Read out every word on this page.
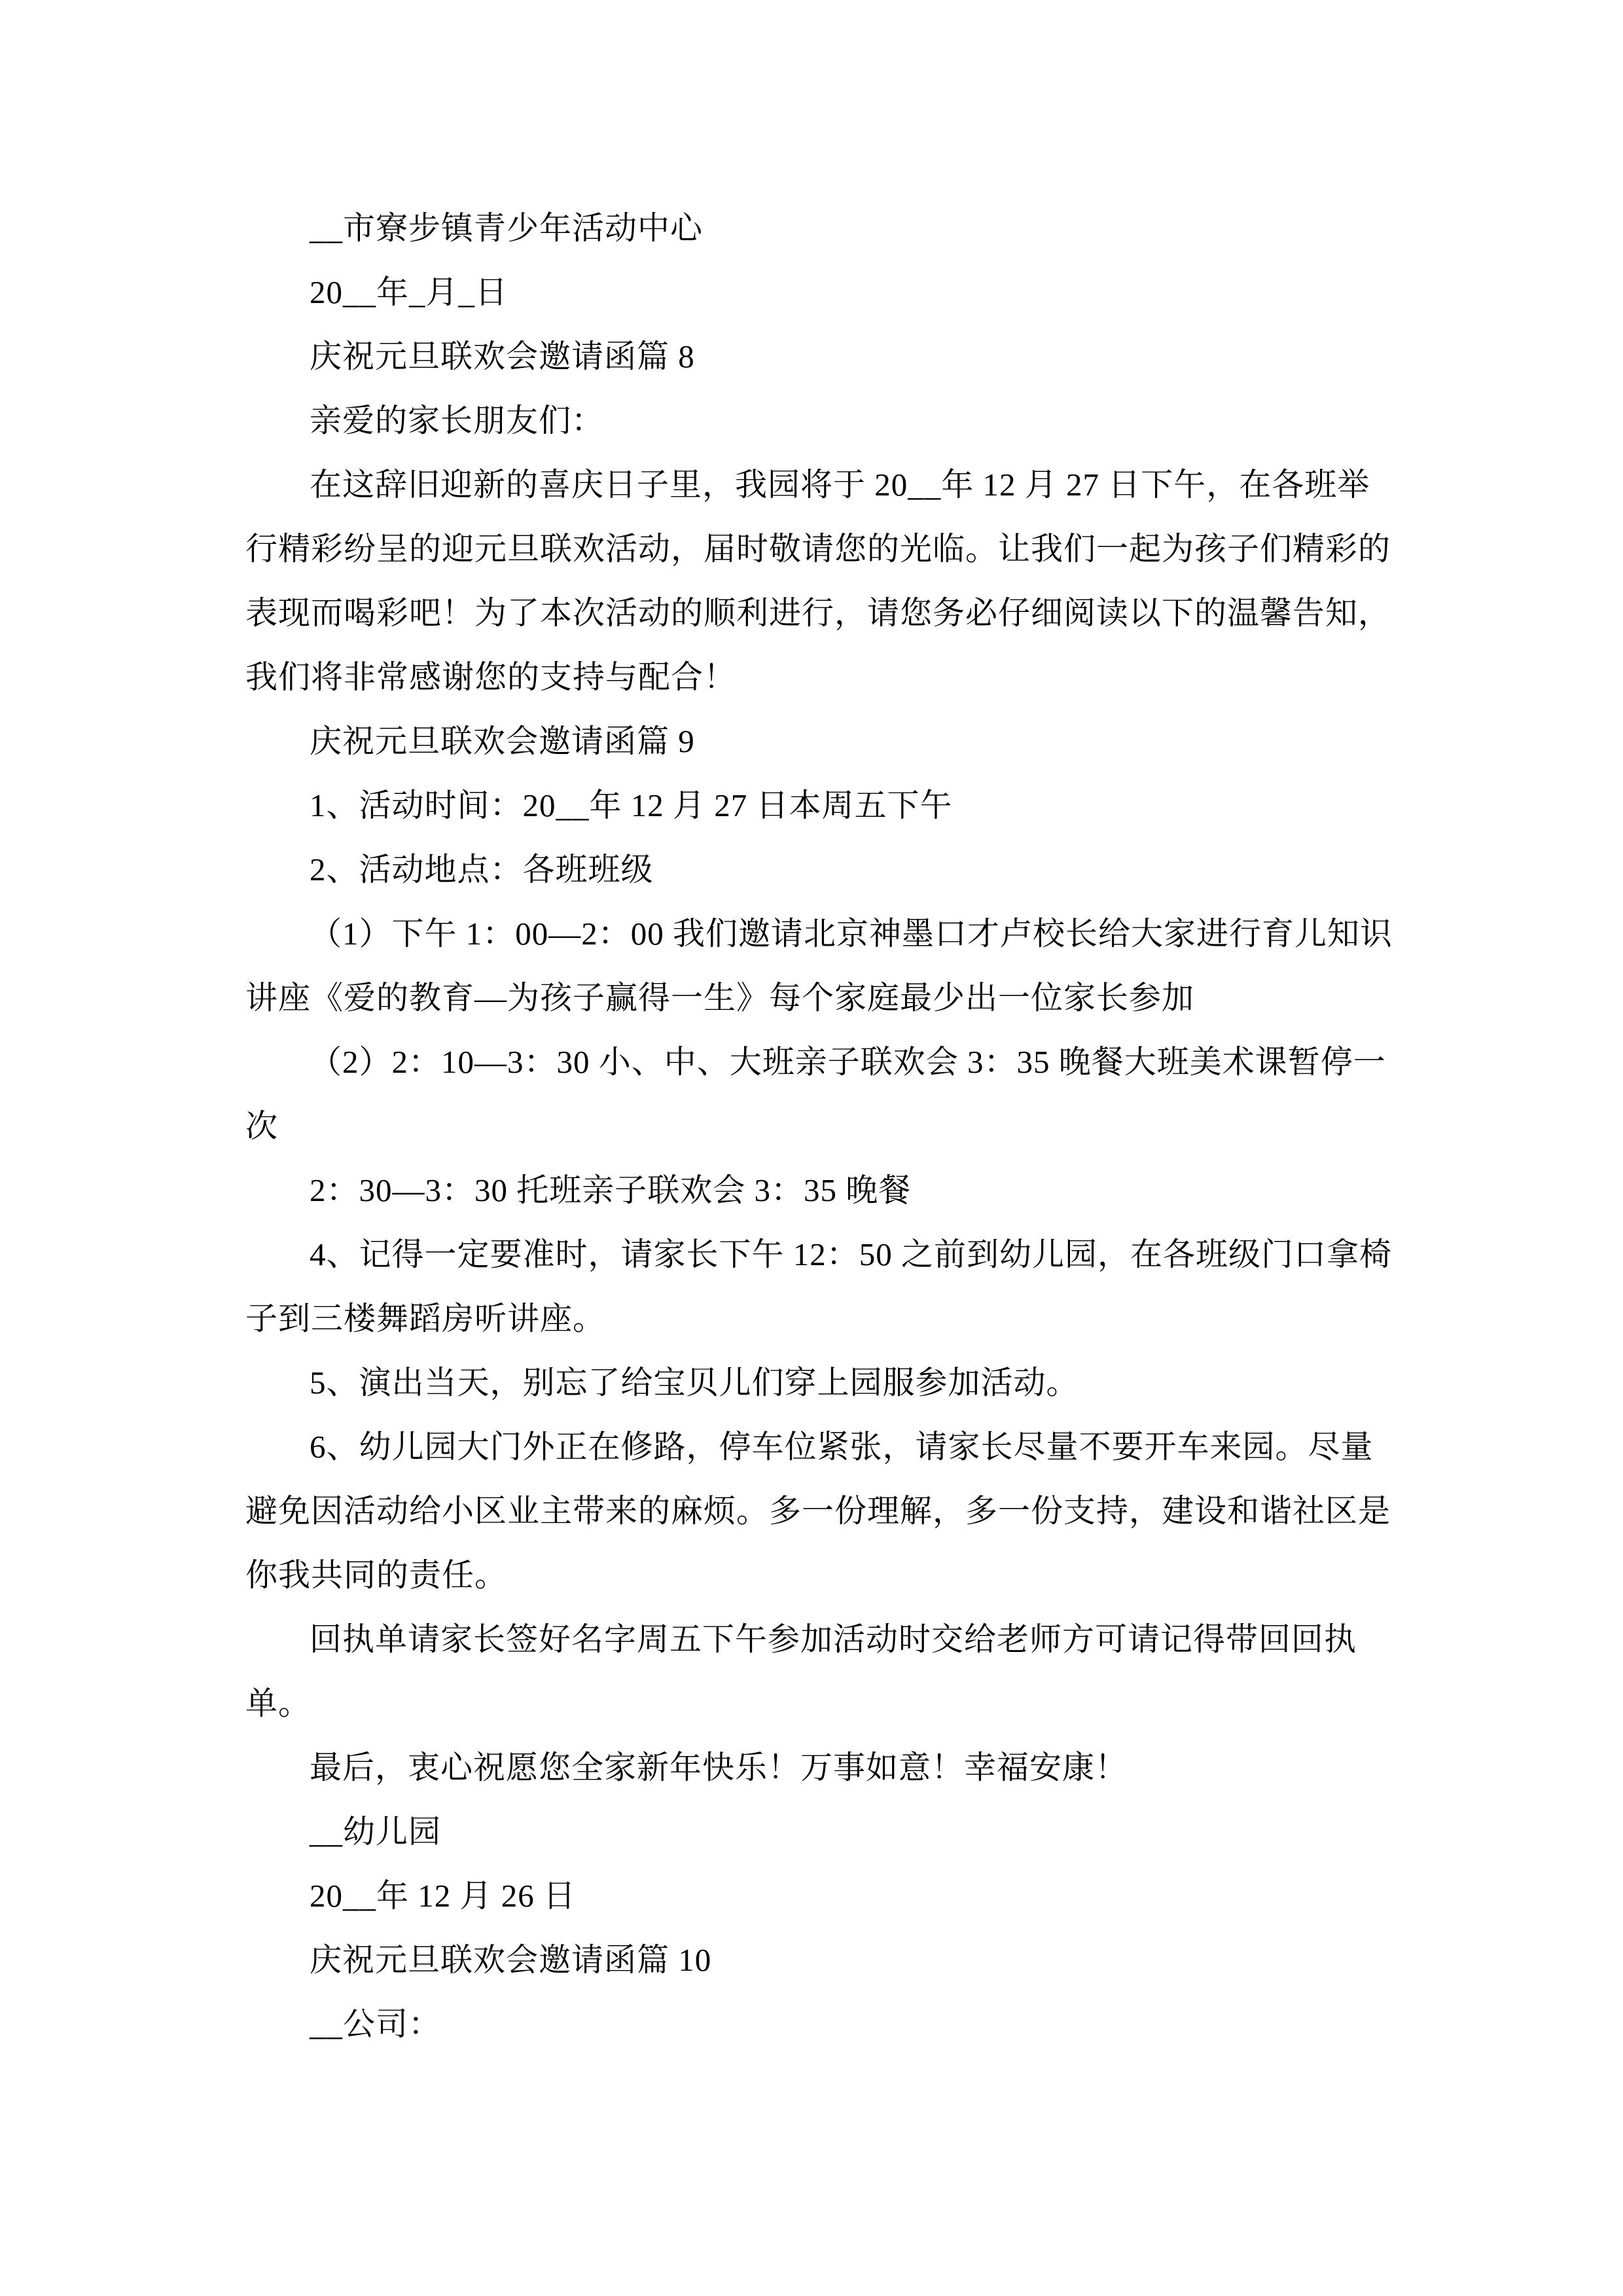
__市寮步镇青少年活动中心
20__年_月_日
庆祝元旦联欢会邀请函篇 8
亲爱的家长朋友们：
在这辞旧迎新的喜庆日子里，我园将于 20__年 12 月 27 日下午，在各班举
行精彩纷呈的迎元旦联欢活动，届时敬请您的光临。让我们一起为孩子们精彩的
表现而喝彩吧！为了本次活动的顺利进行，请您务必仔细阅读以下的温馨告知，
我们将非常感谢您的支持与配合！
庆祝元旦联欢会邀请函篇 9
1、活动时间：20__年 12 月 27 日本周五下午
2、活动地点：各班班级
（1）下午 1：00—2：00 我们邀请北京神墨口才卢校长给大家进行育儿知识
讲座《爱的教育—为孩子赢得一生》每个家庭最少出一位家长参加
（2）2：10—3：30 小、中、大班亲子联欢会 3：35 晚餐大班美术课暂停一
次
2：30—3：30 托班亲子联欢会 3：35 晚餐
4、记得一定要准时，请家长下午 12：50 之前到幼儿园，在各班级门口拿椅
子到三楼舞蹈房听讲座。
5、演出当天，别忘了给宝贝儿们穿上园服参加活动。
6、幼儿园大门外正在修路，停车位紧张，请家长尽量不要开车来园。尽量
避免因活动给小区业主带来的麻烦。多一份理解，多一份支持，建设和谐社区是
你我共同的责任。
回执单请家长签好名字周五下午参加活动时交给老师方可请记得带回回执
单。
最后，衷心祝愿您全家新年快乐！万事如意！幸福安康！
__幼儿园
20__年 12 月 26 日
庆祝元旦联欢会邀请函篇 10
__公司：
